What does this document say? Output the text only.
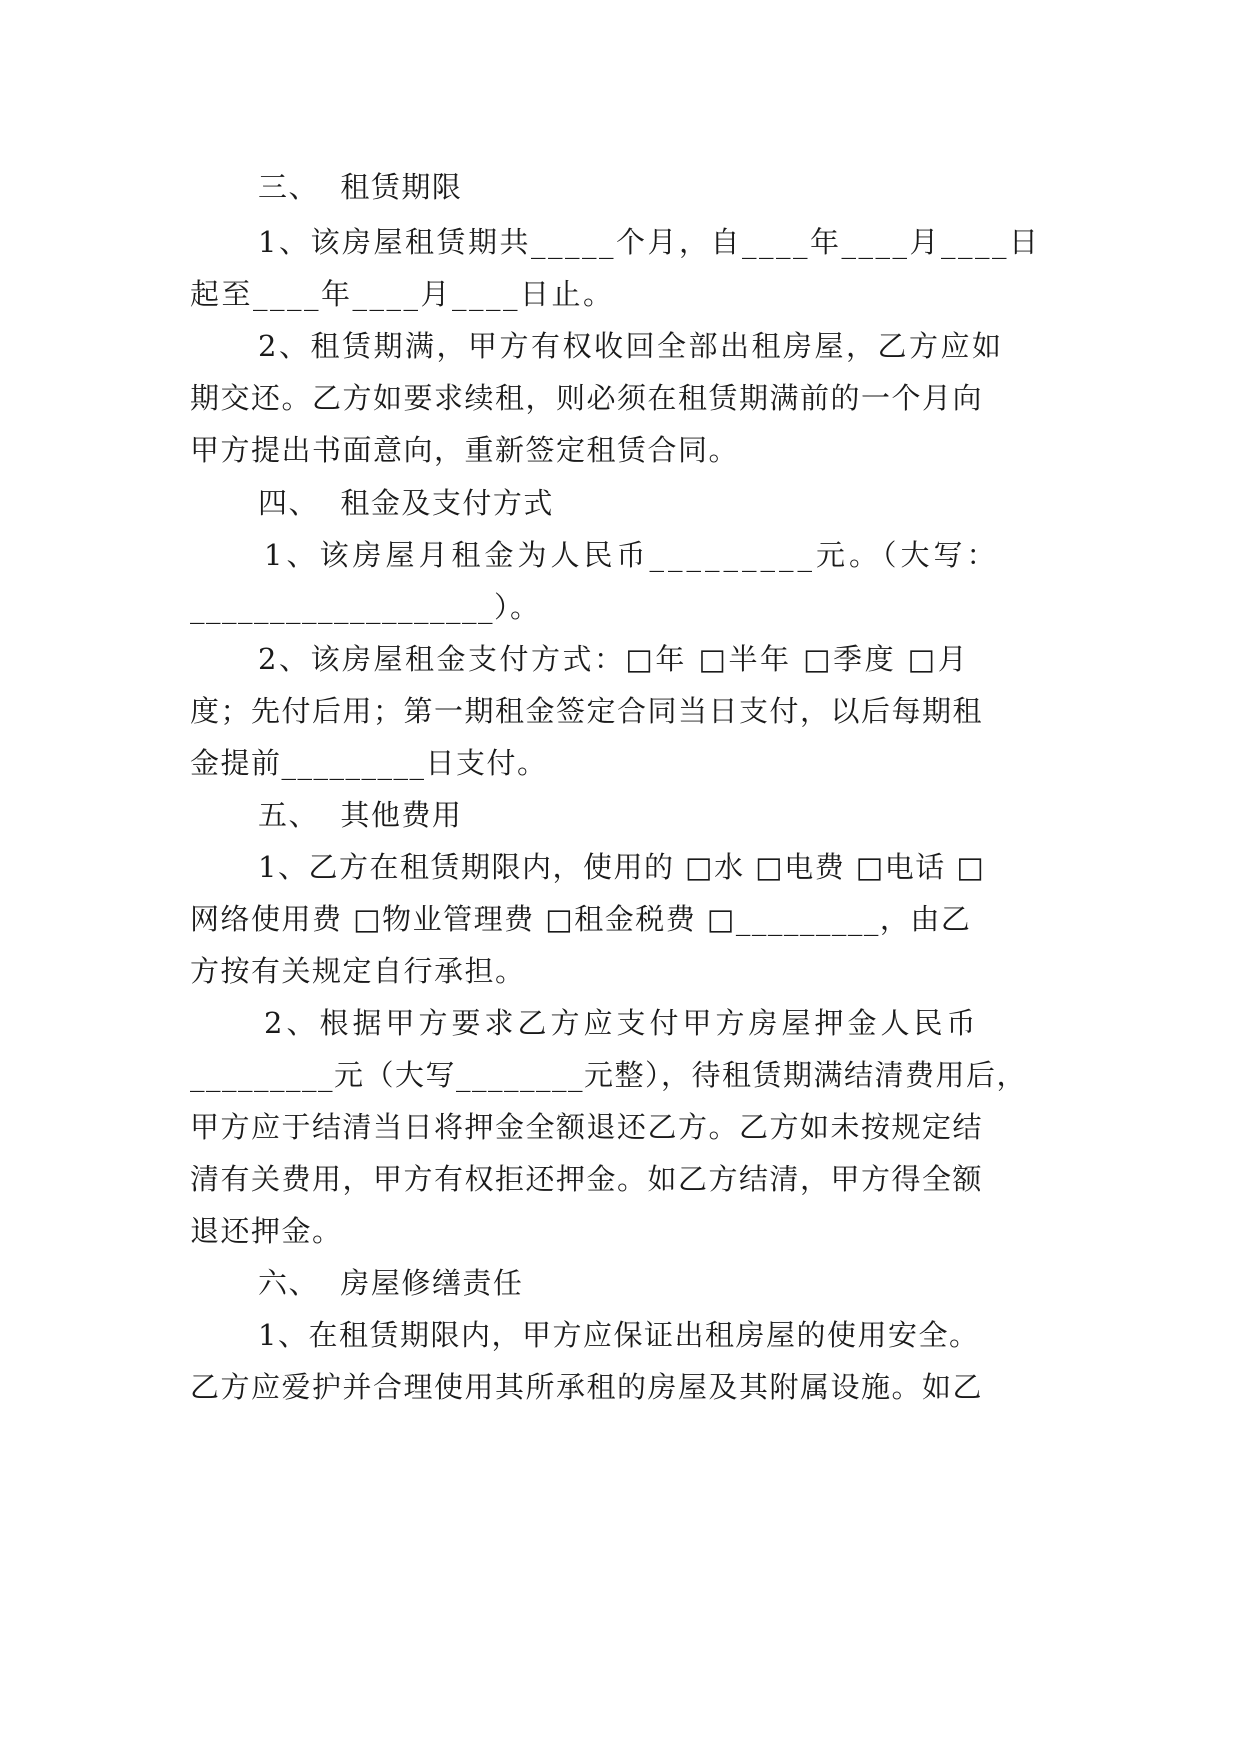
三、  租赁期限
1、该房屋租赁期共_____个月，自____年____月____日
起至____年____月____日止。
2、租赁期满，甲方有权收回全部出租房屋，乙方应如
期交还。乙方如要求续租，则必须在租赁期满前的一个月向
甲方提出书面意向，重新签定租赁合同。
四、  租金及支付方式
1、该房屋月租金为人民币_________元。（大写：
___________________）。
2、该房屋租金支付方式：□年 □半年 □季度 □月
度；先付后用；第一期租金签定合同当日支付，以后每期租
金提前_________日支付。
五、  其他费用
1、乙方在租赁期限内，使用的 □水 □电费 □电话 □
网络使用费 □物业管理费 □租金税费 □_________，由乙
方按有关规定自行承担。
2、根据甲方要求乙方应支付甲方房屋押金人民币
_________元（大写________元整），待租赁期满结清费用后，
甲方应于结清当日将押金全额退还乙方。乙方如未按规定结
清有关费用，甲方有权拒还押金。如乙方结清，甲方得全额
退还押金。
六、  房屋修缮责任
1、在租赁期限内，甲方应保证出租房屋的使用安全。
乙方应爱护并合理使用其所承租的房屋及其附属设施。如乙
